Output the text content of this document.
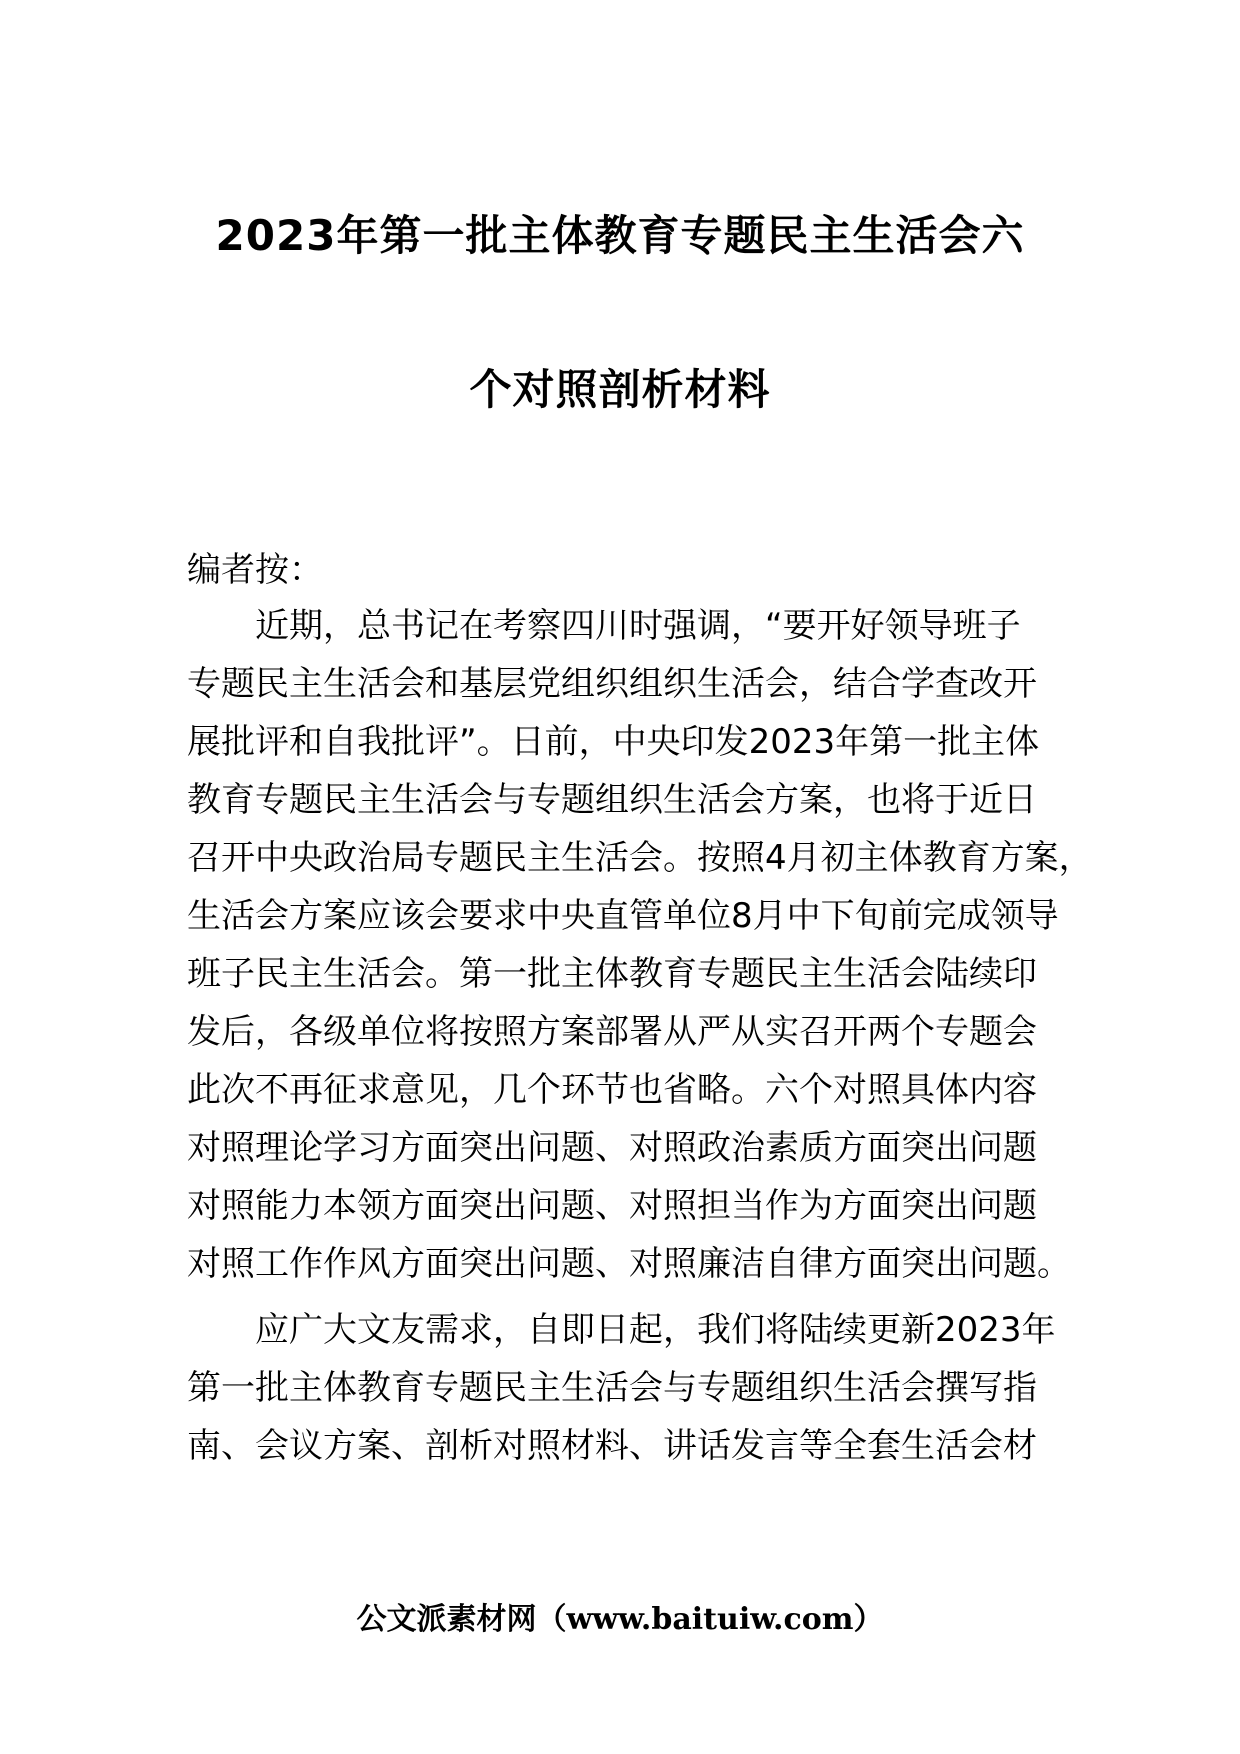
2023年第一批主体教育专题民主生活会六
个对照剖析材料
编者按：
近期，总书记在考察四川时强调，“要开好领导班子
专题民主生活会和基层党组织组织生活会，结合学查改开
展批评和自我批评”。日前，中央印发2023年第一批主体
教育专题民主生活会与专题组织生活会方案，也将于近日
召开中央政治局专题民主生活会。按照4月初主体教育方案，
生活会方案应该会要求中央直管单位8月中下旬前完成领导
班子民主生活会。第一批主体教育专题民主生活会陆续印
发后，各级单位将按照方案部署从严从实召开两个专题会
此次不再征求意见，几个环节也省略。六个对照具体内容
对照理论学习方面突出问题、对照政治素质方面突出问题
对照能力本领方面突出问题、对照担当作为方面突出问题
对照工作作风方面突出问题、对照廉洁自律方面突出问题。
应广大文友需求，自即日起，我们将陆续更新2023年
第一批主体教育专题民主生活会与专题组织生活会撰写指
南、会议方案、剖析对照材料、讲话发言等全套生活会材
公文派素材网（www.baituiw.com）
